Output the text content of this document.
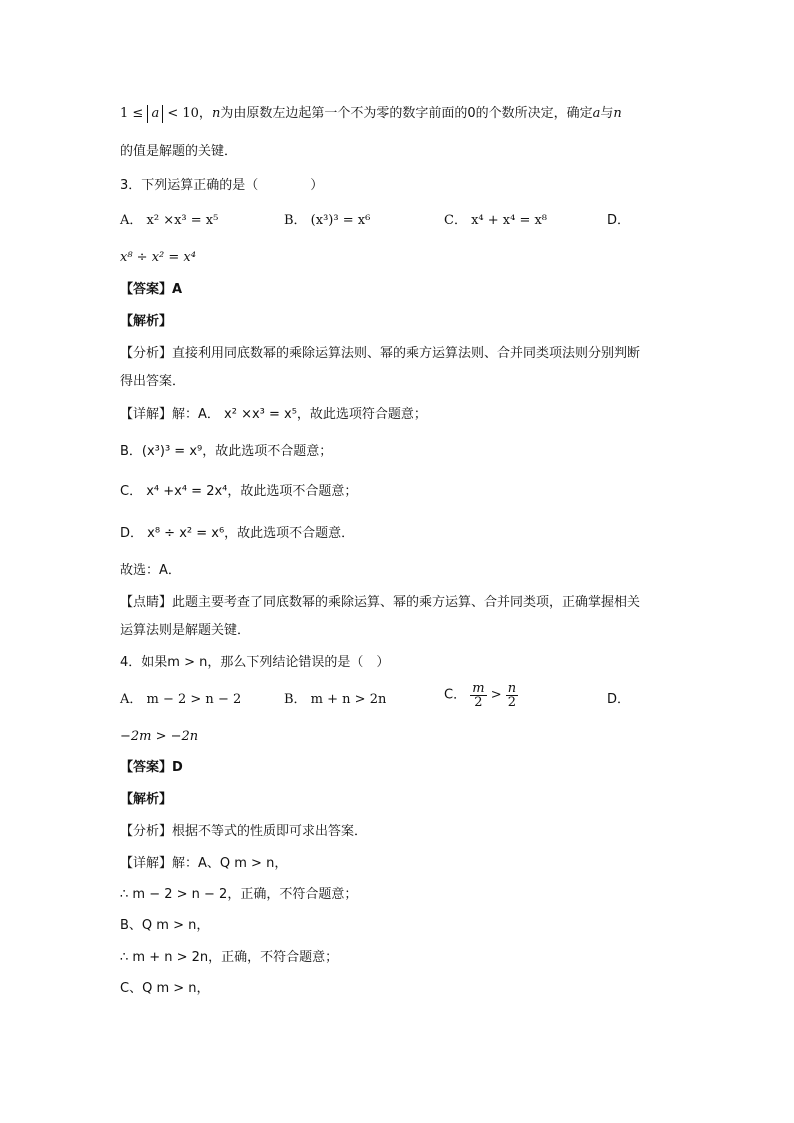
1 ≤ a < 10，n为由原数左边起第一个不为零的数字前面的0的个数所决定，确定a与n
的值是解题的关键．
3．下列运算正确的是（　　　　）
A． x² ×x³ = x⁵	B． (x³)³ = x⁶	C． x⁴ + x⁴ = x⁸	D．
x⁸ ÷ x² = x⁴
【答案】A
【解析】
【分析】直接利用同底数幂的乘除运算法则、幂的乘方运算法则、合并同类项法则分别判断
得出答案．
【详解】解：A． x² ×x³ = x⁵，故此选项符合题意；
B．(x³)³ = x⁹，故此选项不合题意；
C． x⁴ +x⁴ = 2x⁴，故此选项不合题意；
D． x⁸ ÷ x² = x⁶，故此选项不合题意．
故选：A．
【点睛】此题主要考查了同底数幂的乘除运算、幂的乘方运算、合并同类项，正确掌握相关
运算法则是解题关键．
4．如果m > n，那么下列结论错误的是（　）
A． m − 2 > n − 2	B． m + n > 2n	C． $\frac{m}{2} > \frac{n}{2}$	D．
−2m > −2n
【答案】D
【解析】
【分析】根据不等式的性质即可求出答案．
【详解】解：A、Q m > n，
∴ m − 2 > n − 2，正确，不符合题意；
B、Q m > n，
∴ m + n > 2n，正确，不符合题意；
C、Q m > n，
